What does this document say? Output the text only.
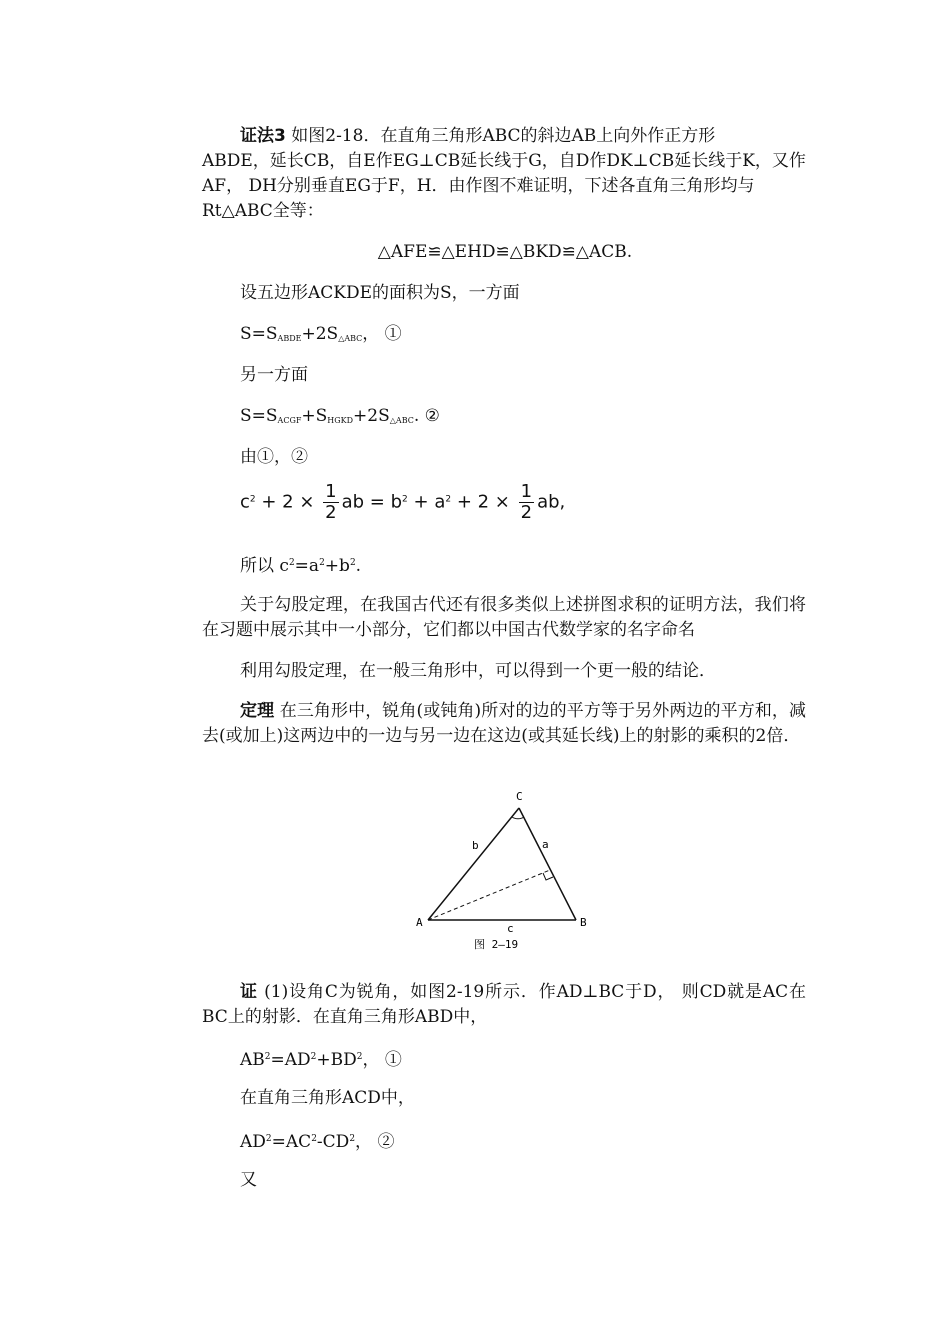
证法3 如图2-18．在直角三角形ABC的斜边AB上向外作正方形
ABDE，延长CB，自E作EG⊥CB延长线于G，自D作DK⊥CB延长线于K，又作
AF， DH分别垂直EG于F，H．由作图不难证明，下述各直角三角形均与
Rt△ABC全等：
△AFE≌△EHD≌△BKD≌△ACB.
设五边形ACKDE的面积为S，一方面
$S=S_{ABDE}+2S_{\triangle ABC}$， ①
另一方面
$S=S_{ACGF}+S_{HGKD}+2S_{\triangle ABC}$. ②
由①，②
$c^2 + 2 \times \frac{1}{2}$ ab = $b^2 + a^2 + 2 \times \frac{1}{2}$ ab,
所以 $c^2=a^2+b^2$.
关于勾股定理，在我国古代还有很多类似上述拼图求积的证明方法，我们将在习题中展示其中一小部分，它们都以中国古代数学家的名字命名
利用勾股定理，在一般三角形中，可以得到一个更一般的结论．
定理 在三角形中，锐角(或钝角)所对的边的平方等于另外两边的平方和，减去(或加上)这两边中的一边与另一边在这边(或其延长线)上的射影的乘积的2倍．
C
A	B
b	a
c
图 2—19
证 (1)设角C为锐角，如图2-19所示．作AD⊥BC于D， 则CD就是AC在BC上的射影．在直角三角形ABD中，
$AB^2=AD^2+BD^2$， ①
在直角三角形ACD中，
$AD^2=AC^2-CD^2$， ②
又
